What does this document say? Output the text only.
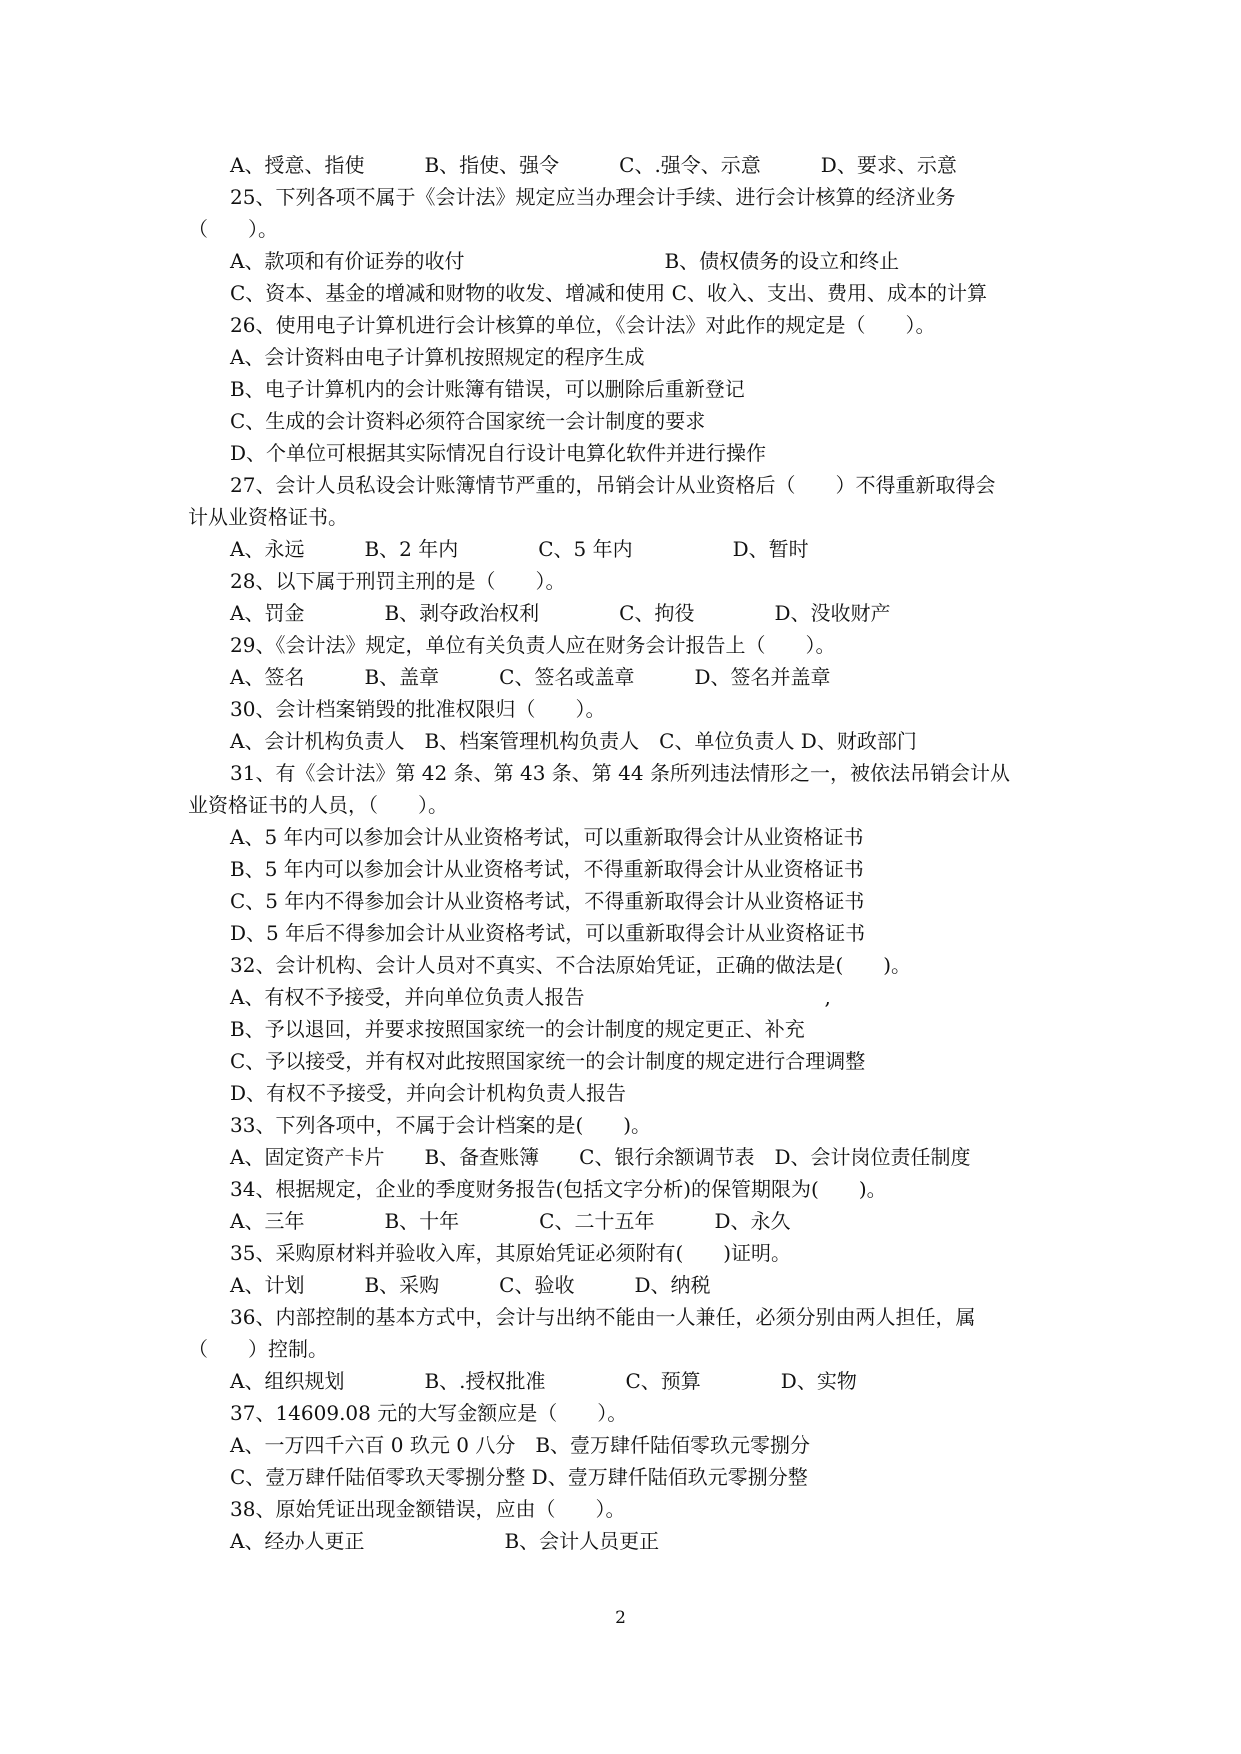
A、授意、指使　　　B、指使、强令　　　C、.强令、示意　　　D、要求、示意
25、下列各项不属于《会计法》规定应当办理会计手续、进行会计核算的经济业务
（　　）。
A、款项和有价证券的收付　　　　　　　　　　B、债权债务的设立和终止
C、资本、基金的增减和财物的收发、增减和使用 C、收入、支出、费用、成本的计算
26、使用电子计算机进行会计核算的单位，《会计法》对此作的规定是（　　）。
A、会计资料由电子计算机按照规定的程序生成
B、电子计算机内的会计账簿有错误，可以删除后重新登记
C、生成的会计资料必须符合国家统一会计制度的要求
D、个单位可根据其实际情况自行设计电算化软件并进行操作
27、会计人员私设会计账簿情节严重的，吊销会计从业资格后（　　）不得重新取得会
计从业资格证书。
A、永远　　　B、2 年内　　　　C、5 年内　　　　　D、暂时
28、以下属于刑罚主刑的是（　　）。
A、罚金　　　　B、剥夺政治权利　　　　C、拘役　　　　D、没收财产
29、《会计法》规定，单位有关负责人应在财务会计报告上（　　）。
A、签名　　　B、盖章　　　C、签名或盖章　　　D、签名并盖章
30、会计档案销毁的批准权限归（　　）。
A、会计机构负责人　B、档案管理机构负责人　C、单位负责人 D、财政部门
31、有《会计法》第 42 条、第 43 条、第 44 条所列违法情形之一，被依法吊销会计从
业资格证书的人员，（　　）。
A、5 年内可以参加会计从业资格考试，可以重新取得会计从业资格证书
B、5 年内可以参加会计从业资格考试，不得重新取得会计从业资格证书
C、5 年内不得参加会计从业资格考试，不得重新取得会计从业资格证书
D、5 年后不得参加会计从业资格考试，可以重新取得会计从业资格证书
32、会计机构、会计人员对不真实、不合法原始凭证，正确的做法是(　　)。
A、有权不予接受，并向单位负责人报告　　　　　　　　　　　　,
B、予以退回，并要求按照国家统一的会计制度的规定更正、补充
C、予以接受，并有权对此按照国家统一的会计制度的规定进行合理调整
D、有权不予接受，并向会计机构负责人报告
33、下列各项中，不属于会计档案的是(　　)。
A、固定资产卡片　　B、备查账簿　　C、银行余额调节表　D、会计岗位责任制度
34、根据规定，企业的季度财务报告(包括文字分析)的保管期限为(　　)。
A、三年　　　　B、十年　　　　C、二十五年　　　D、永久
35、采购原材料并验收入库，其原始凭证必须附有(　　)证明。
A、计划　　　B、采购　　　C、验收　　　D、纳税
36、内部控制的基本方式中，会计与出纳不能由一人兼任，必须分别由两人担任，属
（　　）控制。
A、组织规划　　　　B、.授权批准　　　　C、预算　　　　D、实物
37、14609.08 元的大写金额应是（　　）。
A、一万四千六百 0 玖元 0 八分　B、壹万肆仟陆佰零玖元零捌分
C、壹万肆仟陆佰零玖天零捌分整 D、壹万肆仟陆佰玖元零捌分整
38、原始凭证出现金额错误，应由（　　）。
A、经办人更正　　　　　　　B、会计人员更正
2
